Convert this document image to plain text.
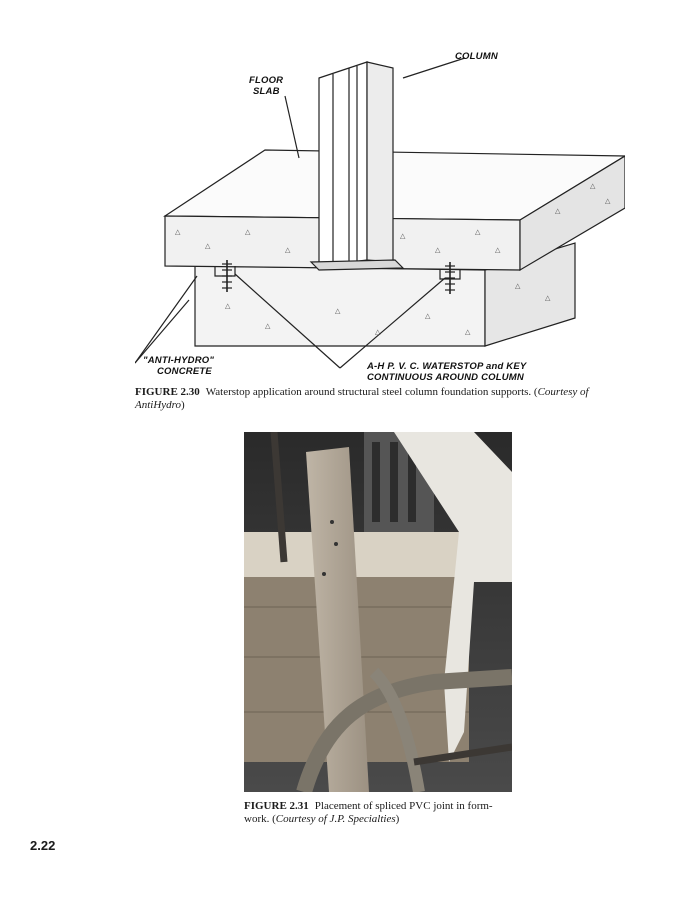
△
△
△
△
△
△
△
△
△
△
△
△
△
△
△
△
△
△
△
COLUMN
FLOOR
SLAB
"ANTI-HYDRO"
CONCRETE	A-H P. V. C. WATERSTOP and KEY
CONTINUOUS AROUND COLUMN
FIGURE 2.30 Waterstop application around structural steel column foundation supports. (Courtesy of AntiHydro)
FIGURE 2.31 Placement of spliced PVC joint in form-work. (Courtesy of J.P. Specialties)
2.22
